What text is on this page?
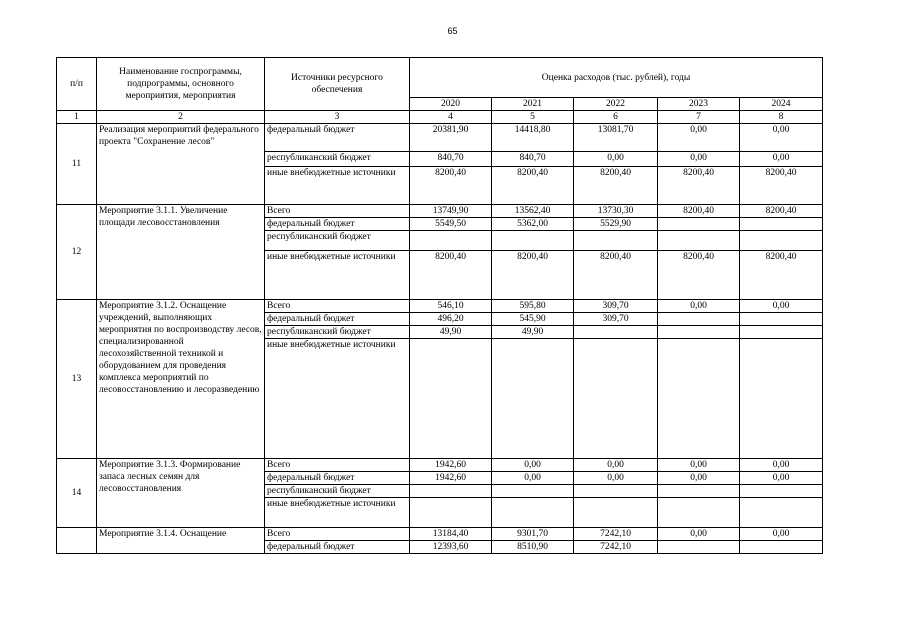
65
п/п	Наименование госпрограммы, подпрограммы, основного мероприятия, мероприятия	Источники ресурсного обеспечения	Оценка расходов (тыс. рублей), годы				
			2020	2021	2022	2023	2024
1	2	3	4	5	6	7	8
11	Реализация мероприятий федерального проекта "Сохранение лесов"	федеральный бюджет	20381,90	14418,80	13081,70	0,00	0,00
		республиканский бюджет	840,70	840,70	0,00	0,00	0,00
		иные внебюджетные источники	8200,40	8200,40	8200,40	8200,40	8200,40
12	Мероприятие 3.1.1. Увеличение площади лесовосстановления	Всего	13749,90	13562,40	13730,30	8200,40	8200,40
		федеральный бюджет	5549,50	5362,00	5529,90		
		республиканский бюджет					
		иные внебюджетные источники	8200,40	8200,40	8200,40	8200,40	8200,40
13	Мероприятие 3.1.2. Оснащение учреждений, выполняющих мероприятия по воспроизводству лесов, специализированной лесохозяйственной техникой и оборудованием для проведения комплекса мероприятий по лесовосстановлению и лесоразведению	Всего	546,10	595,80	309,70	0,00	0,00
		федеральный бюджет	496,20	545,90	309,70		
		республиканский бюджет	49,90	49,90			
		иные внебюджетные источники					
14	Мероприятие 3.1.3. Формирование запаса лесных семян для лесовосстановления	Всего	1942,60	0,00	0,00	0,00	0,00
		федеральный бюджет	1942,60	0,00	0,00	0,00	0,00
		республиканский бюджет					
		иные внебюджетные источники					
	Мероприятие 3.1.4. Оснащение	Всего	13184,40	9301,70	7242,10	0,00	0,00
		федеральный бюджет	12393,60	8510,90	7242,10		
